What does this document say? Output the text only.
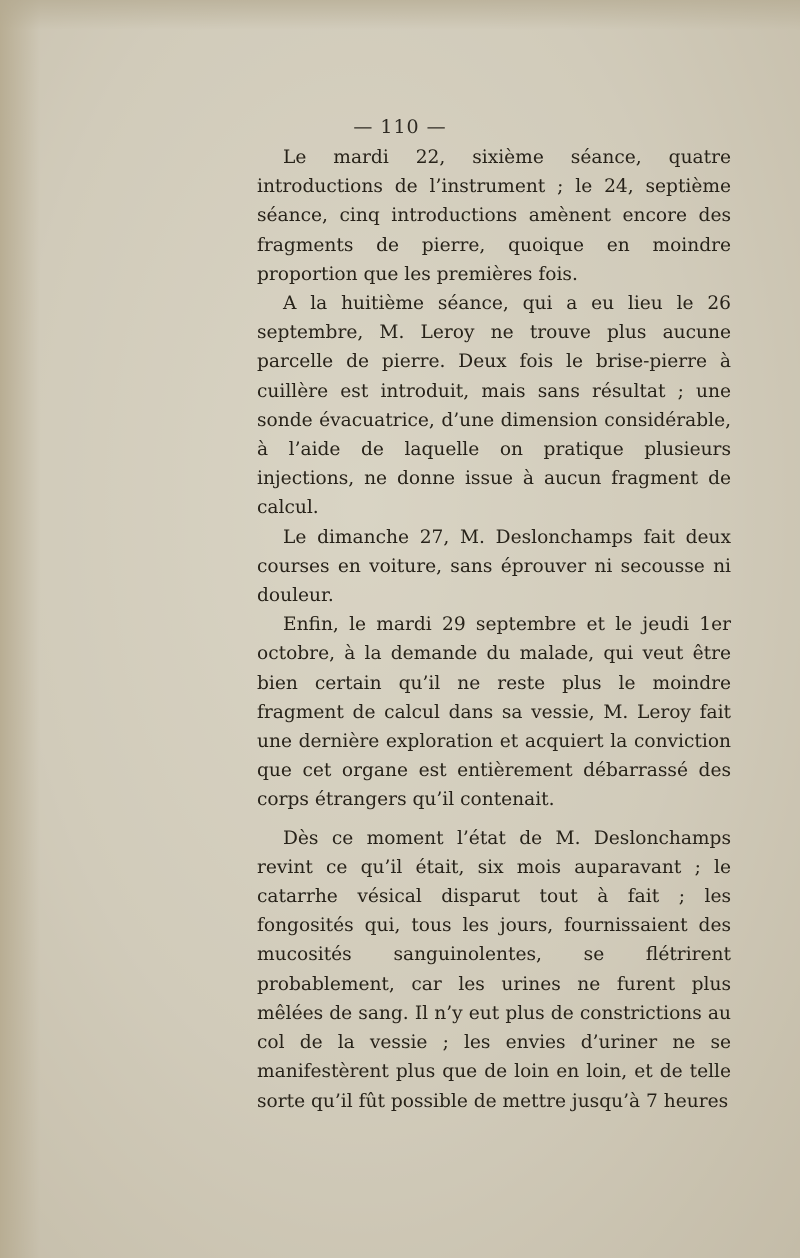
— 110 —

Le mardi 22, sixième séance, quatre introductions de l’instrument ; le 24, septième séance, cinq introductions amènent encore des fragments de pierre, quoique en moindre proportion que les premières fois.

A la huitième séance, qui a eu lieu le 26 septembre, M. Leroy ne trouve plus aucune parcelle de pierre. Deux fois le brise-pierre à cuillère est introduit, mais sans résultat ; une sonde évacuatrice, d’une dimension considérable, à l’aide de laquelle on pratique plusieurs injections, ne donne issue à aucun fragment de calcul.

Le dimanche 27, M. Deslonchamps fait deux courses en voiture, sans éprouver ni secousse ni douleur.

Enfin, le mardi 29 septembre et le jeudi 1er octobre, à la demande du malade, qui veut être bien certain qu’il ne reste plus le moindre fragment de calcul dans sa vessie, M. Leroy fait une dernière exploration et acquiert la conviction que cet organe est entièrement débarrassé des corps étrangers qu’il contenait.

Dès ce moment l’état de M. Deslonchamps revint ce qu’il était, six mois auparavant ; le catarrhe vésical disparut tout à fait ; les fongosités qui, tous les jours, fournissaient des mucosités sanguinolentes, se flétrirent probablement, car les urines ne furent plus mêlées de sang. Il n’y eut plus de constrictions au col de la vessie ; les envies d’uriner ne se manifestèrent plus que de loin en loin, et de telle sorte qu’il fût possible de mettre jusqu’à 7 heures
